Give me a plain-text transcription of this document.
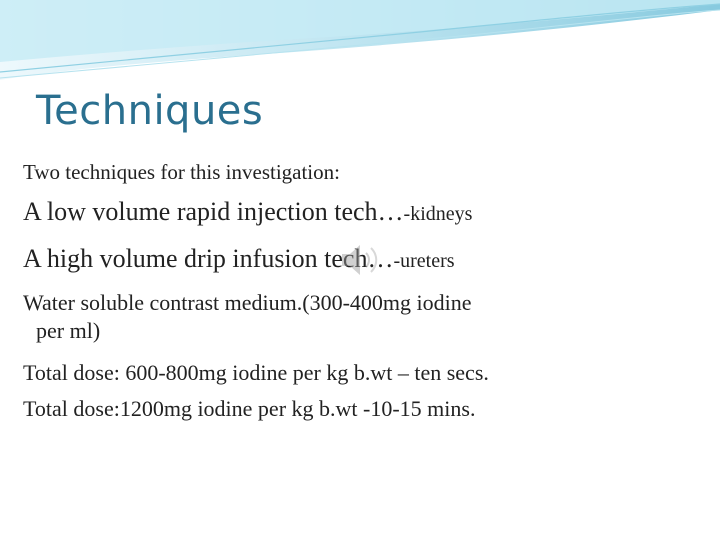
Techniques
Two techniques for this investigation:
A low volume rapid injection tech…-kidneys
A high volume drip infusion tech…-ureters
Water soluble contrast medium.(300-400mg iodine
per ml)
Total dose: 600-800mg iodine per kg b.wt – ten secs.
Total dose:1200mg iodine per kg b.wt -10-15 mins.
